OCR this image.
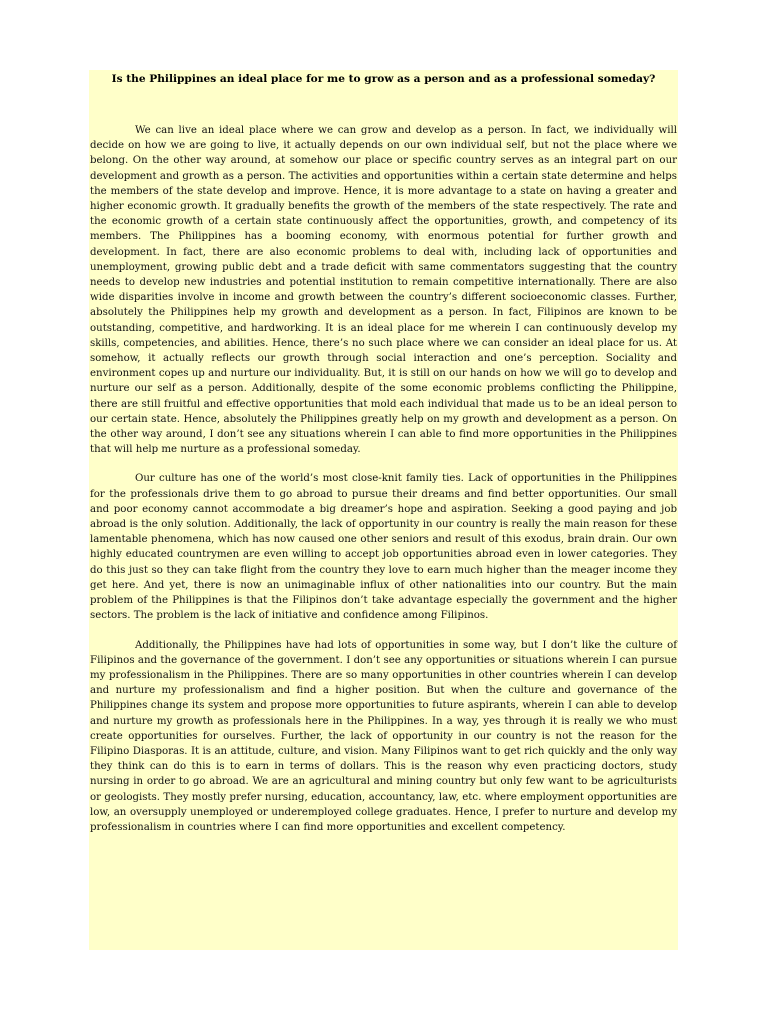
Is the Philippines an ideal place for me to grow as a person and as a professional someday?

We can live an ideal place where we can grow and develop as a person. In fact, we individually will decide on how we are going to live, it actually depends on our own individual self, but not the place where we belong. On the other way around, at somehow our place or specific country serves as an integral part on our development and growth as a person. The activities and opportunities within a certain state determine and helps the members of the state develop and improve. Hence, it is more advantage to a state on having a greater and higher economic growth. It gradually benefits the growth of the members of the state respectively. The rate and the economic growth of a certain state continuously affect the opportunities, growth, and competency of its members. The Philippines has a booming economy, with enormous potential for further growth and development. In fact, there are also economic problems to deal with, including lack of opportunities and unemployment, growing public debt and a trade deficit with same commentators suggesting that the country needs to develop new industries and potential institution to remain competitive internationally. There are also wide disparities involve in income and growth between the country’s different socioeconomic classes. Further, absolutely the Philippines help my growth and development as a person. In fact, Filipinos are known to be outstanding, competitive, and hardworking. It is an ideal place for me wherein I can continuously develop my skills, competencies, and abilities. Hence, there’s no such place where we can consider an ideal place for us. At somehow, it actually reflects our growth through social interaction and one’s perception. Sociality and environment copes up and nurture our individuality. But, it is still on our hands on how we will go to develop and nurture our self as a person. Additionally, despite of the some economic problems conflicting the Philippine, there are still fruitful and effective opportunities that mold each individual that made us to be an ideal person to our certain state. Hence, absolutely the Philippines greatly help on my growth and development as a person. On the other way around, I don’t see any situations wherein I can able to find more opportunities in the Philippines that will help me nurture as a professional someday.

Our culture has one of the world’s most close-knit family ties. Lack of opportunities in the Philippines for the professionals drive them to go abroad to pursue their dreams and find better opportunities. Our small and poor economy cannot accommodate a big dreamer’s hope and aspiration. Seeking a good paying and job abroad is the only solution. Additionally, the lack of opportunity in our country is really the main reason for these lamentable phenomena, which has now caused one other seniors and result of this exodus, brain drain. Our own highly educated countrymen are even willing to accept job opportunities abroad even in lower categories. They do this just so they can take flight from the country they love to earn much higher than the meager income they get here. And yet, there is now an unimaginable influx of other nationalities into our country. But the main problem of the Philippines is that the Filipinos don’t take advantage especially the government and the higher sectors. The problem is the lack of initiative and confidence among Filipinos.

Additionally, the Philippines have had lots of opportunities in some way, but I don’t like the culture of Filipinos and the governance of the government. I don’t see any opportunities or situations wherein I can pursue my professionalism in the Philippines. There are so many opportunities in other countries wherein I can develop and nurture my professionalism and find a higher position. But when the culture and governance of the Philippines change its system and propose more opportunities to future aspirants, wherein I can able to develop and nurture my growth as professionals here in the Philippines. In a way, yes through it is really we who must create opportunities for ourselves. Further, the lack of opportunity in our country is not the reason for the Filipino Diasporas. It is an attitude, culture, and vision. Many Filipinos want to get rich quickly and the only way they think can do this is to earn in terms of dollars. This is the reason why even practicing doctors, study nursing in order to go abroad. We are an agricultural and mining country but only few want to be agriculturists or geologists. They mostly prefer nursing, education, accountancy, law, etc. where employment opportunities are low, an oversupply unemployed or underemployed college graduates. Hence, I prefer to nurture and develop my professionalism in countries where I can find more opportunities and excellent competency.
